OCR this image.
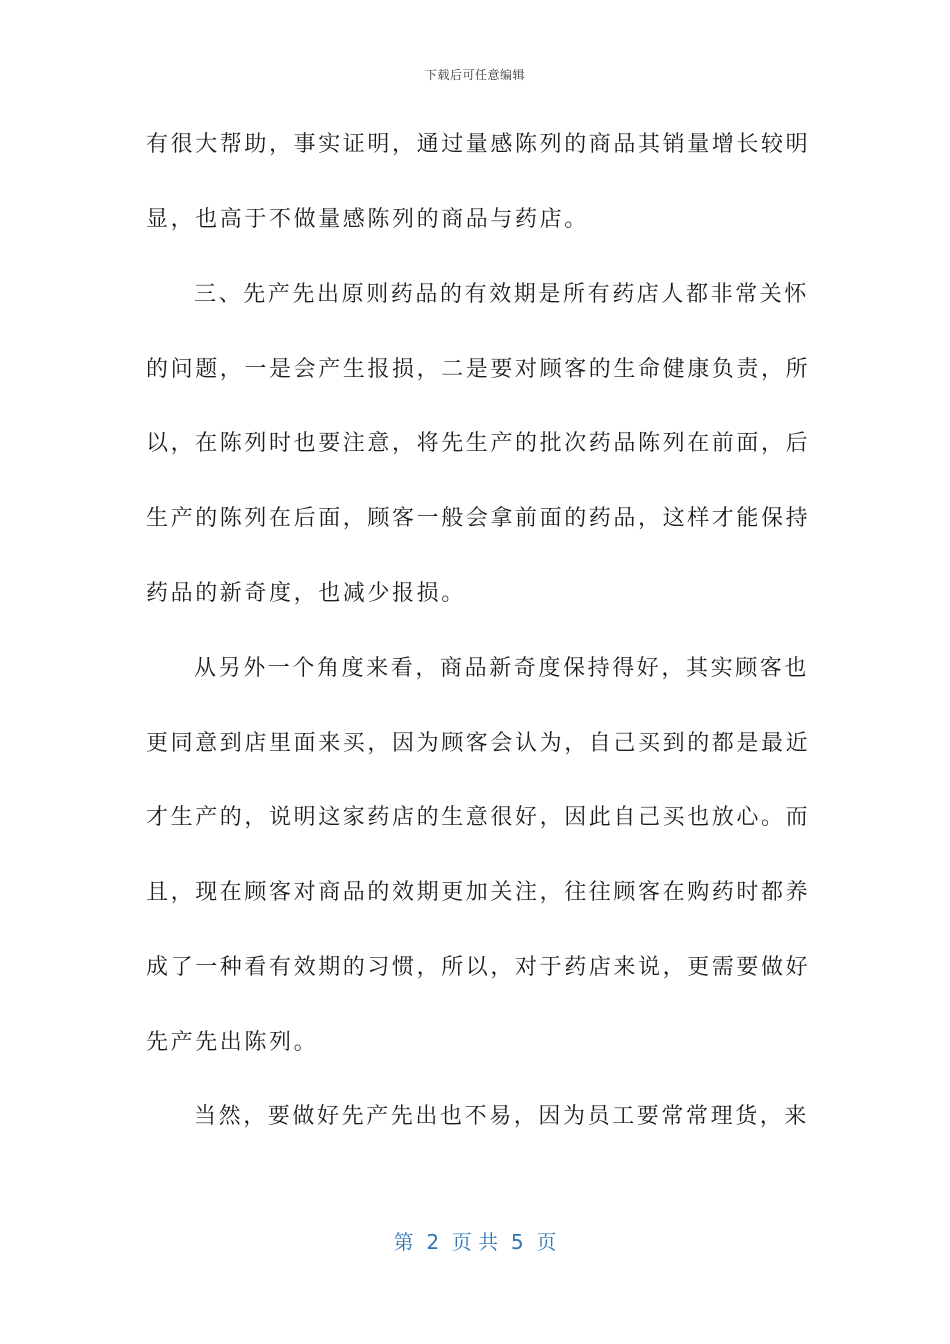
下载后可任意编辑

有很大帮助，事实证明，通过量感陈列的商品其销量增长较明

显，也高于不做量感陈列的商品与药店。

三、先产先出原则药品的有效期是所有药店人都非常关怀

的问题，一是会产生报损，二是要对顾客的生命健康负责，所

以，在陈列时也要注意，将先生产的批次药品陈列在前面，后

生产的陈列在后面，顾客一般会拿前面的药品，这样才能保持

药品的新奇度，也减少报损。

从另外一个角度来看，商品新奇度保持得好，其实顾客也

更同意到店里面来买，因为顾客会认为，自己买到的都是最近

才生产的，说明这家药店的生意很好，因此自己买也放心。而

且，现在顾客对商品的效期更加关注，往往顾客在购药时都养

成了一种看有效期的习惯，所以，对于药店来说，更需要做好

先产先出陈列。

当然，要做好先产先出也不易，因为员工要常常理货，来

第  2  页 共  5  页
